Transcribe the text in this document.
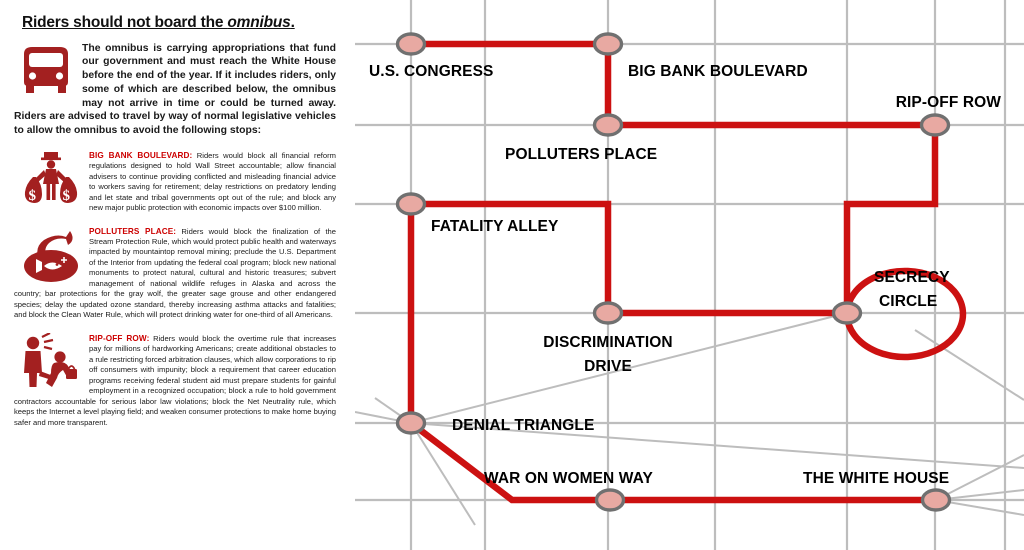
Riders should not board the omnibus.
The omnibus is carrying appropriations that fund our government and must reach the White House before the end of the year. If it includes riders, only some of which are described below, the omnibus may not arrive in time or could be turned away. Riders are advised to travel by way of normal legislative vehicles to allow the omnibus to avoid the following stops:
$ $
BIG BANK BOULEVARD: Riders would block all financial reform regulations designed to hold Wall Street accountable; allow financial advisers to continue providing conflicted and misleading financial advice to workers saving for retirement; delay restrictions on predatory lending and let state and tribal governments opt out of the rule; and block any new major public protection with economic impacts over $100 million.
POLLUTERS PLACE: Riders would block the finalization of the Stream Protection Rule, which would protect public health and waterways impacted by mountaintop removal mining; preclude the U.S. Department of the Interior from updating the federal coal program; block new national monuments to protect natural, cultural and historic treasures; subvert management of national wildlife refuges in Alaska and across the country; bar protections for the gray wolf, the greater sage grouse and other endangered species; delay the updated ozone standard, thereby increasing asthma attacks and fatalities; and block the Clean Water Rule, which will protect drinking water for one-third of all Americans.
RIP-OFF ROW: Riders would block the overtime rule that increases pay for millions of hardworking Americans; create additional obstacles to a rule restricting forced arbitration clauses, which allow corporations to rip off consumers with impunity; block a requirement that career education programs receiving federal student aid must prepare students for gainful employment in a recognized occupation; block a rule to hold government contractors accountable for serious labor law violations; block the Net Neutrality rule, which keeps the Internet a level playing field; and weaken consumer protections to make home buying safer and more transparent.
U.S. CONGRESS	BIG BANK BOULEVARD
POLLUTERS PLACE
RIP-OFF ROW
FATALITY ALLEY
DISCRIMINATION
DRIVE
SECRECY
CIRCLE
DENIAL TRIANGLE
WAR ON WOMEN WAY	THE WHITE HOUSE
